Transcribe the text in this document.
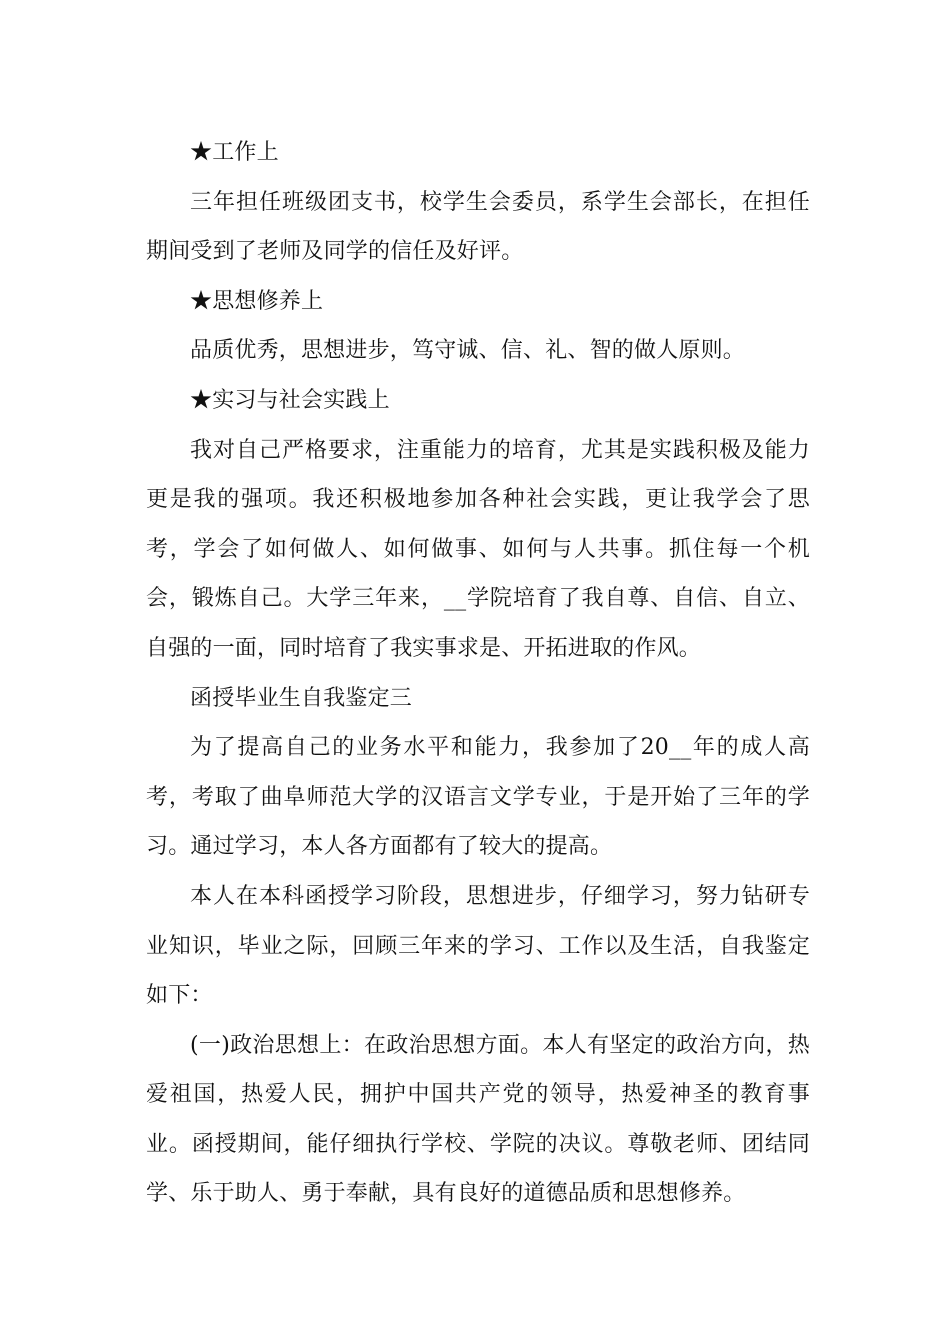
★工作上

三年担任班级团支书，校学生会委员，系学生会部长，在担任期间受到了老师及同学的信任及好评。

★思想修养上

品质优秀，思想进步，笃守诚、信、礼、智的做人原则。

★实习与社会实践上

我对自己严格要求，注重能力的培育，尤其是实践积极及能力更是我的强项。我还积极地参加各种社会实践，更让我学会了思考，学会了如何做人、如何做事、如何与人共事。抓住每一个机会，锻炼自己。大学三年来，__学院培育了我自尊、自信、自立、自强的一面，同时培育了我实事求是、开拓进取的作风。

函授毕业生自我鉴定三

为了提高自己的业务水平和能力，我参加了20__年的成人高考，考取了曲阜师范大学的汉语言文学专业，于是开始了三年的学习。通过学习，本人各方面都有了较大的提高。

本人在本科函授学习阶段，思想进步，仔细学习，努力钻研专业知识，毕业之际，回顾三年来的学习、工作以及生活，自我鉴定如下：

(一)政治思想上：在政治思想方面。本人有坚定的政治方向，热爱祖国，热爱人民，拥护中国共产党的领导，热爱神圣的教育事业。函授期间，能仔细执行学校、学院的决议。尊敬老师、团结同学、乐于助人、勇于奉献，具有良好的道德品质和思想修养。
